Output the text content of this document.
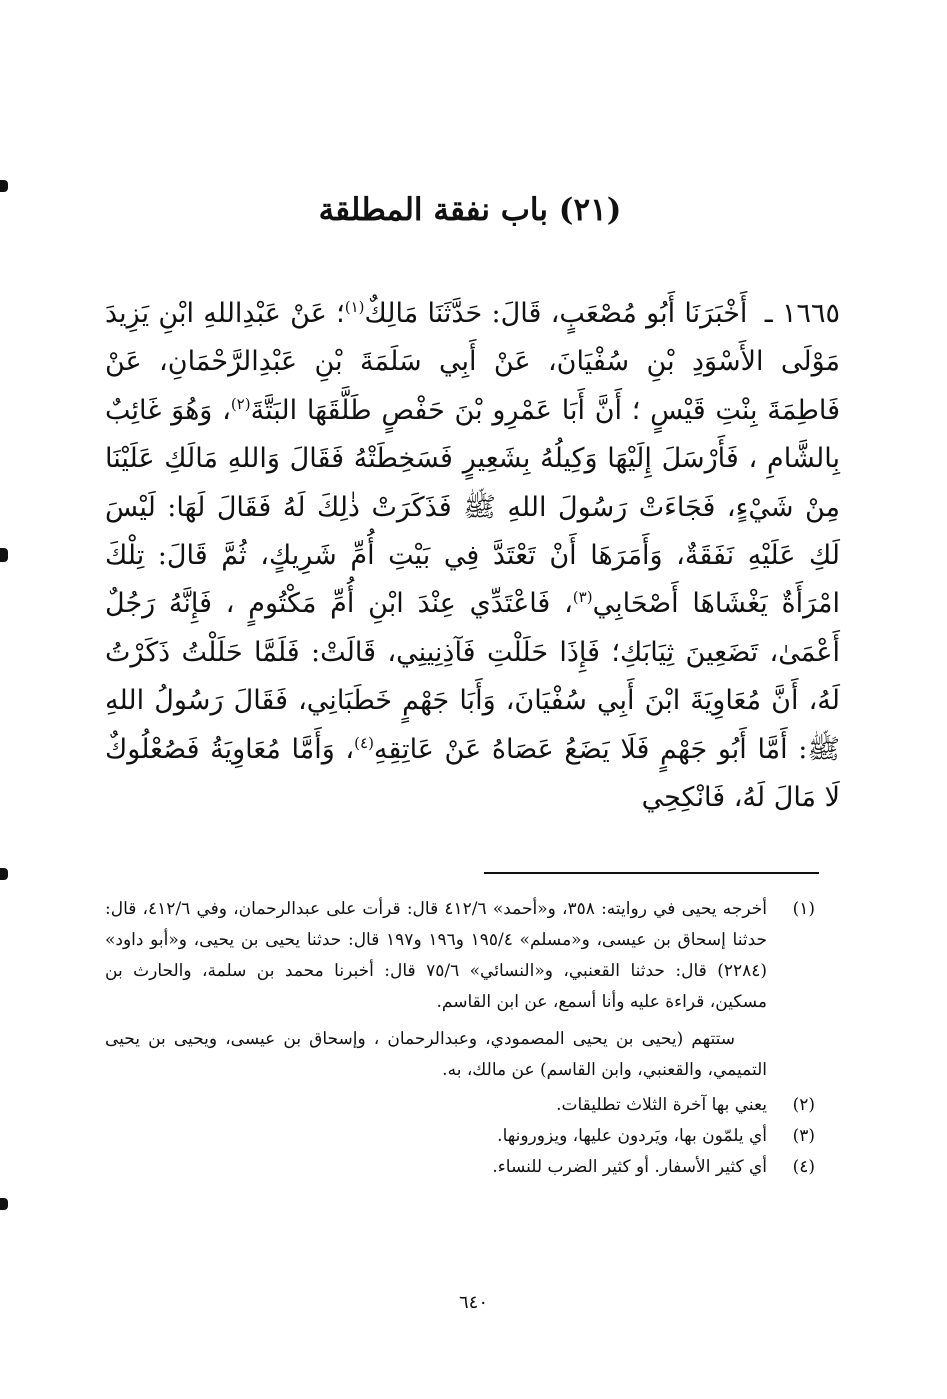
(٢١) باب نفقة المطلقة

١٦٦٥ ـ أَخْبَرَنَا أَبُو مُصْعَبٍ، قَالَ: حَدَّثَنَا مَالِكٌ$^{(١)}$؛ عَنْ عَبْدِاللهِ ابْنِ يَزِيدَ مَوْلَى الأَسْوَدِ بْنِ سُفْيَانَ، عَنْ أَبِي سَلَمَةَ بْنِ عَبْدِالرَّحْمَانِ، عَنْ فَاطِمَةَ بِنْتِ قَيْسٍ ؛ أَنَّ أَبَا عَمْرِو بْنَ حَفْصٍ طَلَّقَهَا البَتَّةَ$^{(٢)}$، وَهُوَ غَائِبٌ بِالشَّامِ ، فَأَرْسَلَ إِلَيْهَا وَكِيلُهُ بِشَعِيرٍ فَسَخِطَتْهُ فَقَالَ وَاللهِ مَالَكِ عَلَيْنَا مِنْ شَيْءٍ، فَجَاءَتْ رَسُولَ اللهِ ﷺ فَذَكَرَتْ ذٰلِكَ لَهُ فَقَالَ لَهَا: لَيْسَ لَكِ عَلَيْهِ نَفَقَةٌ، وَأَمَرَهَا أَنْ تَعْتَدَّ فِي بَيْتِ أُمِّ شَرِيكٍ، ثُمَّ قَالَ: تِلْكَ امْرَأَةٌ يَغْشَاهَا أَصْحَابِي$^{(٣)}$، فَاعْتَدِّي عِنْدَ ابْنِ أُمِّ مَكْتُومٍ ، فَإِنَّهُ رَجُلٌ أَعْمَىٰ، تَضَعِينَ ثِيَابَكِ؛ فَإِذَا حَلَلْتِ فَآذِنِينِي، قَالَتْ: فَلَمَّا حَلَلْتُ ذَكَرْتُ لَهُ، أَنَّ مُعَاوِيَةَ ابْنَ أَبِي سُفْيَانَ، وَأَبَا جَهْمٍ خَطَبَانِي، فَقَالَ رَسُولُ اللهِ ﷺ: أَمَّا أَبُو جَهْمٍ فَلَا يَضَعُ عَصَاهُ عَنْ عَاتِقِهِ$^{(٤)}$، وَأَمَّا مُعَاوِيَةُ فَصُعْلُوكٌ لَا مَالَ لَهُ، فَانْكِحِي

(١)
أخرجه يحيى في روايته: ٣٥٨، و«أحمد» ٤١٢/٦ قال: قرأت على عبدالرحمان، وفي ٤١٢/٦، قال: حدثنا إسحاق بن عيسى، و«مسلم» ١٩٥/٤ و١٩٦ و١٩٧ قال: حدثنا يحيى بن يحيى، و«أبو داود» (٢٢٨٤) قال: حدثنا القعنبي، و«النسائي» ٧٥/٦ قال: أخبرنا محمد بن سلمة، والحارث بن مسكين، قراءة عليه وأنا أسمع، عن ابن القاسم.

ستتهم (يحيى بن يحيى المصمودي، وعبدالرحمان ، وإسحاق بن عيسى، ويحيى بن يحيى التميمي، والقعنبي، وابن القاسم) عن مالك، به.

(٢)
يعني بها آخرة الثلاث تطليقات.
(٣)
أي يلمّون بها، ويَردون عليها، ويزورونها.
(٤)
أي كثير الأسفار. أو كثير الضرب للنساء.
٦٤٠
